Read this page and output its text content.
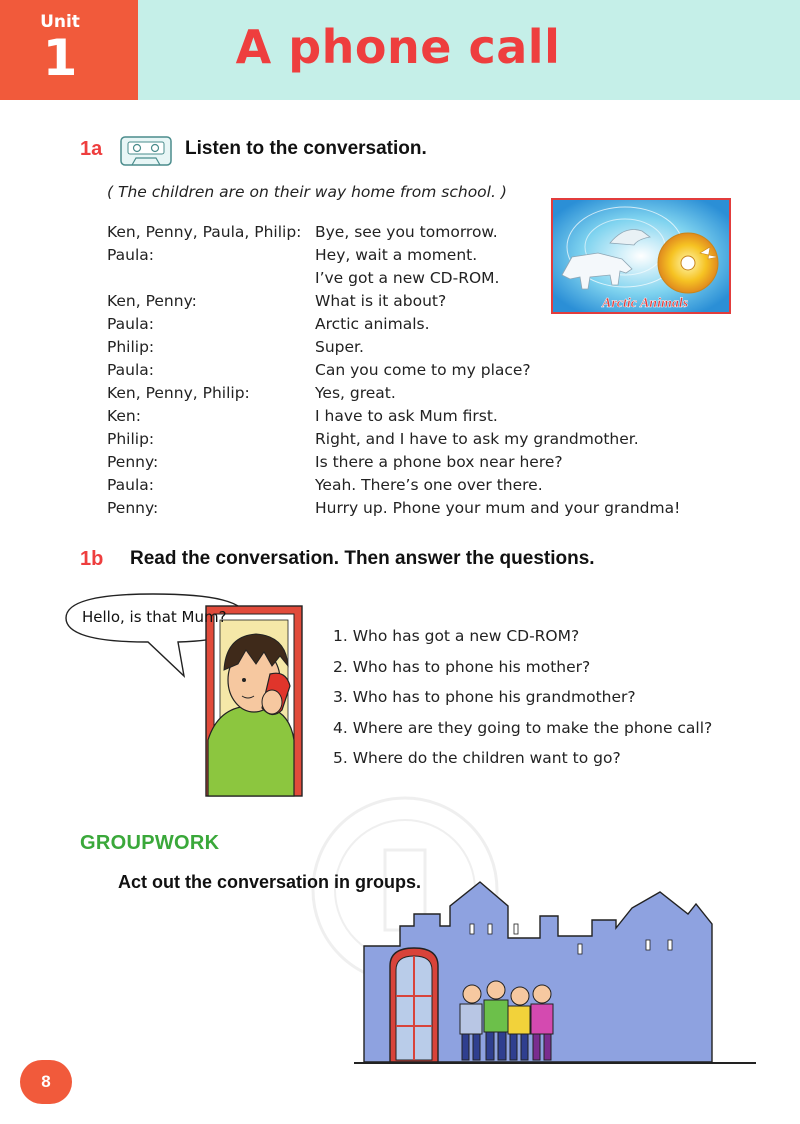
Unit
1	A phone call
1a	Listen to the conversation.
( The children are on their way home from school. )
Ken, Penny, Paula, Philip: Bye, see you tomorrow.
Paula:	Hey, wait a moment.
I’ve got a new CD-ROM.
Ken, Penny:	What is it about?
Paula:	Arctic animals.
Philip:	Super.
Paula:	Can you come to my place?
Ken, Penny, Philip:	Yes, great.
Ken:	I have to ask Mum first.
Philip:	Right, and I have to ask my grandmother.
Penny:	Is there a phone box near here?
Paula:	Yeah. There’s one over there.
Penny:	Hurry up. Phone your mum and your grandma!
Arctic Animals
1b Read the conversation. Then answer the questions.
Hello, is that Mum?
1. Who has got a new CD-ROM?
2. Who has to phone his mother?
3. Who has to phone his grandmother?
4. Where are they going to make the phone call?
5. Where do the children want to go?
GROUPWORK
Act out the conversation in groups.
8
